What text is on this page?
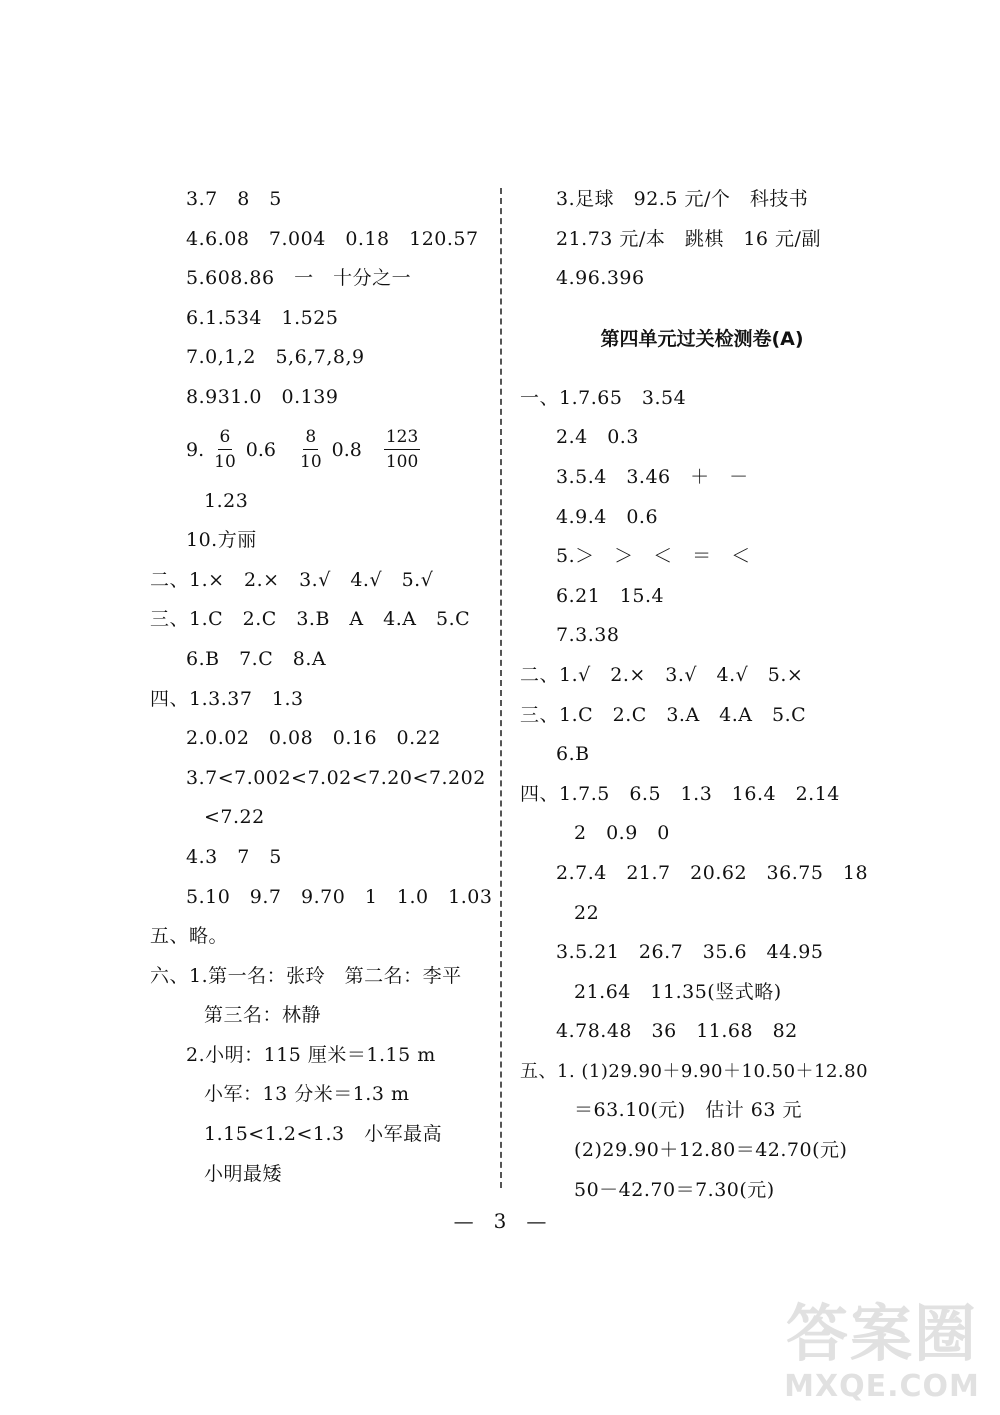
3.7　8　5
4.6.08　7.004　0.18　120.57
5.608.86　一　十分之一
6.1.534　1.525
7.0,1,2　5,6,7,8,9
8.931.0　0.139
9. $\frac{6}{10} 0.6 \frac{8}{10} 0.8 \frac{123}{100}$
1.23
10.方丽
二、1.×　2.×　3.√　4.√　5.√
三、1.C　2.C　3.B　A　4.A　5.C
6.B　7.C　8.A
四、1.3.37　1.3
2.0.02　0.08　0.16　0.22
3.7<7.002<7.02<7.20<7.202
<7.22
4.3　7　5
5.10　9.7　9.70　1　1.0　1.03
五、略。
六、1.第一名：张玲　第二名：李平
第三名：林静
2.小明：115 厘米＝1.15 m
小军：13 分米＝1.3 m
1.15<1.2<1.3　小军最高
小明最矮
3.足球　92.5 元/个　科技书
21.73 元/本　跳棋　16 元/副
4.96.396
第四单元过关检测卷(A)
一、1.7.65　3.54
2.4　0.3
3.5.4　3.46　＋　－
4.9.4　0.6
5.＞　＞　＜　＝　＜
6.21　15.4
7.3.38
二、1.√　2.×　3.√　4.√　5.×
三、1.C　2.C　3.A　4.A　5.C
6.B
四、1.7.5　6.5　1.3　16.4　2.14
2　0.9　0
2.7.4　21.7　20.62　36.75　18
22
3.5.21　26.7　35.6　44.95
21.64　11.35(竖式略)
4.78.48　36　11.68　82
五、1. (1)29.90＋9.90＋10.50＋12.80
＝63.10(元)　估计 63 元
(2)29.90＋12.80＝42.70(元)
50－42.70＝7.30(元)
—　3　—
答案圈
MXQE.COM
